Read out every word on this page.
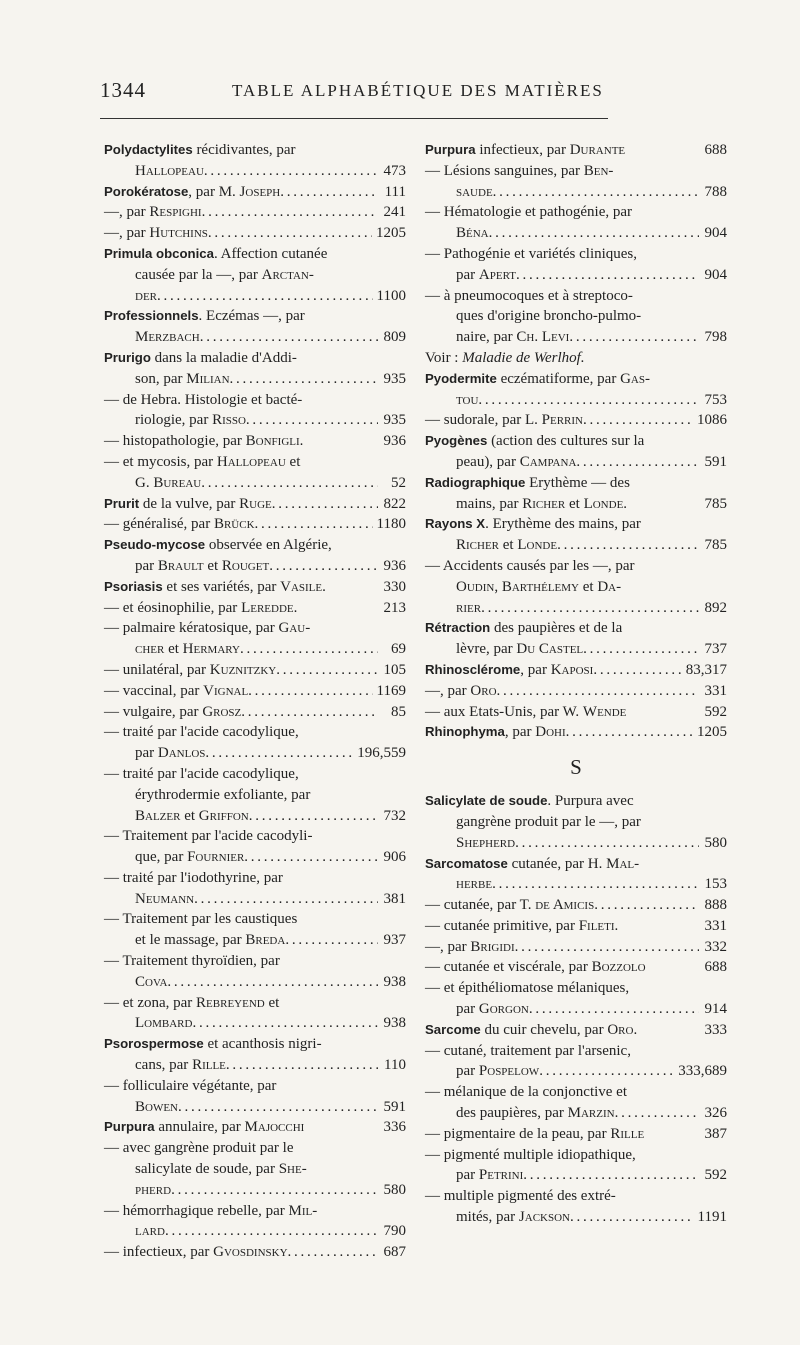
1344	TABLE ALPHABÉTIQUE DES MATIÈRES
Polydactylites récidivantes, par
Hallopeau . . .	473
Porokératose, par M. Joseph . . .	111
—, par Respighi . . .	241
—, par Hutchins . . .	1205
Primula obconica. Affection cutanée
causée par la —, par Arctan-
der . . .	1100
Professionnels. Eczémas —, par
Merzbach . . .	809
Prurigo dans la maladie d'Addi-
son, par Milian . . .	935
— de Hebra. Histologie et bacté-
riologie, par Risso . . .	935
— histopathologie, par Bonfigli.	936
— et mycosis, par Hallopeau et
G. Bureau . . .	52
Prurit de la vulve, par Ruge . . .	822
— généralisé, par Brück . . .	1180
Pseudo-mycose observée en Algérie,
par Brault et Rouget . . .	936
Psoriasis et ses variétés, par Vasile.	330
— et éosinophilie, par Leredde.	213
— palmaire kératosique, par Gau-
cher et Hermary . . .	69
— unilatéral, par Kuznitzky . . .	105
— vaccinal, par Vignal . . .	1169
— vulgaire, par Grosz . . .	85
— traité par l'acide cacodylique,
par Danlos . . .	196,559
— traité par l'acide cacodylique,
érythrodermie exfoliante, par
Balzer et Griffon . . .	732
— Traitement par l'acide cacodyli-
que, par Fournier . . .	906
— traité par l'iodothyrine, par
Neumann . . .	381
— Traitement par les caustiques
et le massage, par Breda . . .	937
— Traitement thyroïdien, par
Cova . . .	938
— et zona, par Rebreyend et
Lombard . . .	938
Psorospermose et acanthosis nigri-
cans, par Rille . . .	110
— folliculaire végétante, par
Bowen . . .	591
Purpura annulaire, par Majocchi	336
— avec gangrène produit par le
salicylate de soude, par She-
pherd . . .	580
— hémorrhagique rebelle, par Mil-
lard . . .	790
— infectieux, par Gvosdinsky . . .	687
Purpura infectieux, par Durante	688
— Lésions sanguines, par Ben-
saude . . .	788
— Hématologie et pathogénie, par
Béna . . .	904
— Pathogénie et variétés cliniques,
par Apert . . .	904
— à pneumocoques et à streptoco-
ques d'origine broncho-pulmo-
naire, par Ch. Levi . . .	798
Voir : Maladie de Werlhof.
Pyodermite eczématiforme, par Gas-
tou . . .	753
— sudorale, par L. Perrin . . .	1086
Pyogènes (action des cultures sur la
peau), par Campana . . .	591
Radiographique Erythème — des
mains, par Richer et Londe.	785
Rayons X. Erythème des mains, par
Richer et Londe . . .	785
— Accidents causés par les —, par
Oudin, Barthélemy et Da-
rier . . .	892
Rétraction des paupières et de la
lèvre, par Du Castel . . .	737
Rhinosclérome, par Kaposi . . .	83,317
—, par Oro . . .	331
— aux Etats-Unis, par W. Wende	592
Rhinophyma, par Dohi . . .	1205
S
Salicylate de soude. Purpura avec
gangrène produit par le —, par
Shepherd . . .	580
Sarcomatose cutanée, par H. Mal-
herbe . . .	153
— cutanée, par T. de Amicis . . .	888
— cutanée primitive, par Fileti.	331
—, par Brigidi . . .	332
— cutanée et viscérale, par Bozzolo	688
— et épithéliomatose mélaniques,
par Gorgon . . .	914
Sarcome du cuir chevelu, par Oro.	333
— cutané, traitement par l'arsenic,
par Pospelow . . .	333,689
— mélanique de la conjonctive et
des paupières, par Marzin . . .	326
— pigmentaire de la peau, par Rille	387
— pigmenté multiple idiopathique,
par Petrini . . .	592
— multiple pigmenté des extré-
mités, par Jackson . . .	1191
